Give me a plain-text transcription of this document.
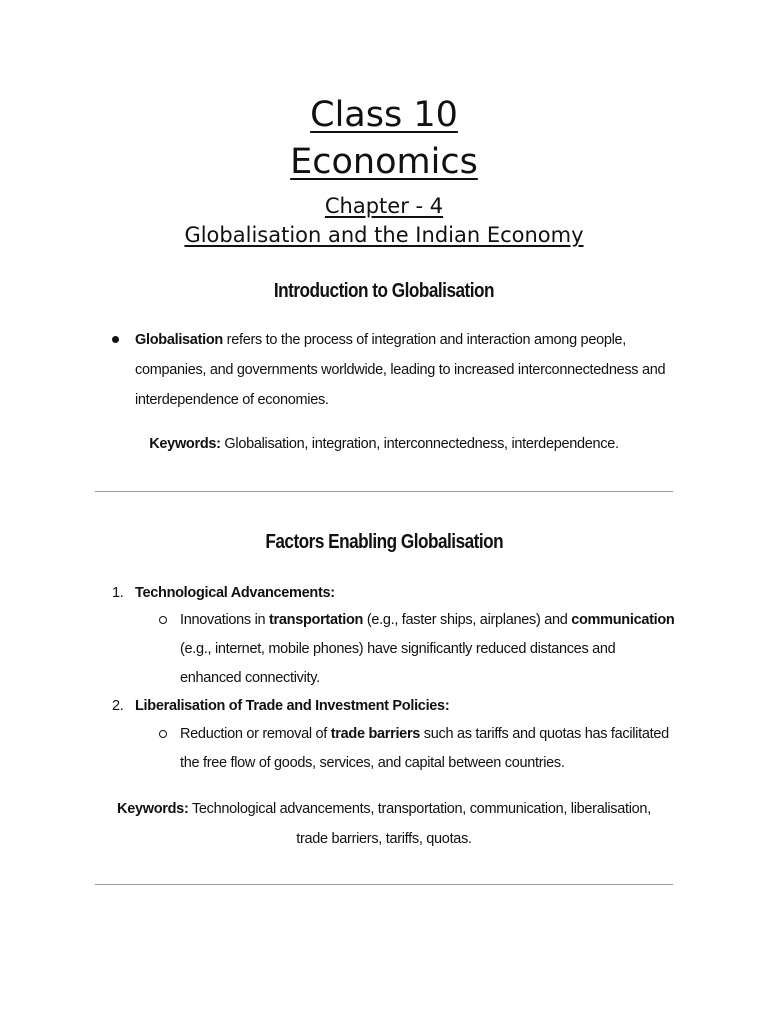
Class 10
Economics
Chapter - 4
Globalisation and the Indian Economy
Introduction to Globalisation
Globalisation refers to the process of integration and interaction among people, companies, and governments worldwide, leading to increased interconnectedness and interdependence of economies.
Keywords: Globalisation, integration, interconnectedness, interdependence.
Factors Enabling Globalisation
1. Technological Advancements:
Innovations in transportation (e.g., faster ships, airplanes) and communication (e.g., internet, mobile phones) have significantly reduced distances and enhanced connectivity.
2. Liberalisation of Trade and Investment Policies:
Reduction or removal of trade barriers such as tariffs and quotas has facilitated the free flow of goods, services, and capital between countries.
Keywords: Technological advancements, transportation, communication, liberalisation, trade barriers, tariffs, quotas.
